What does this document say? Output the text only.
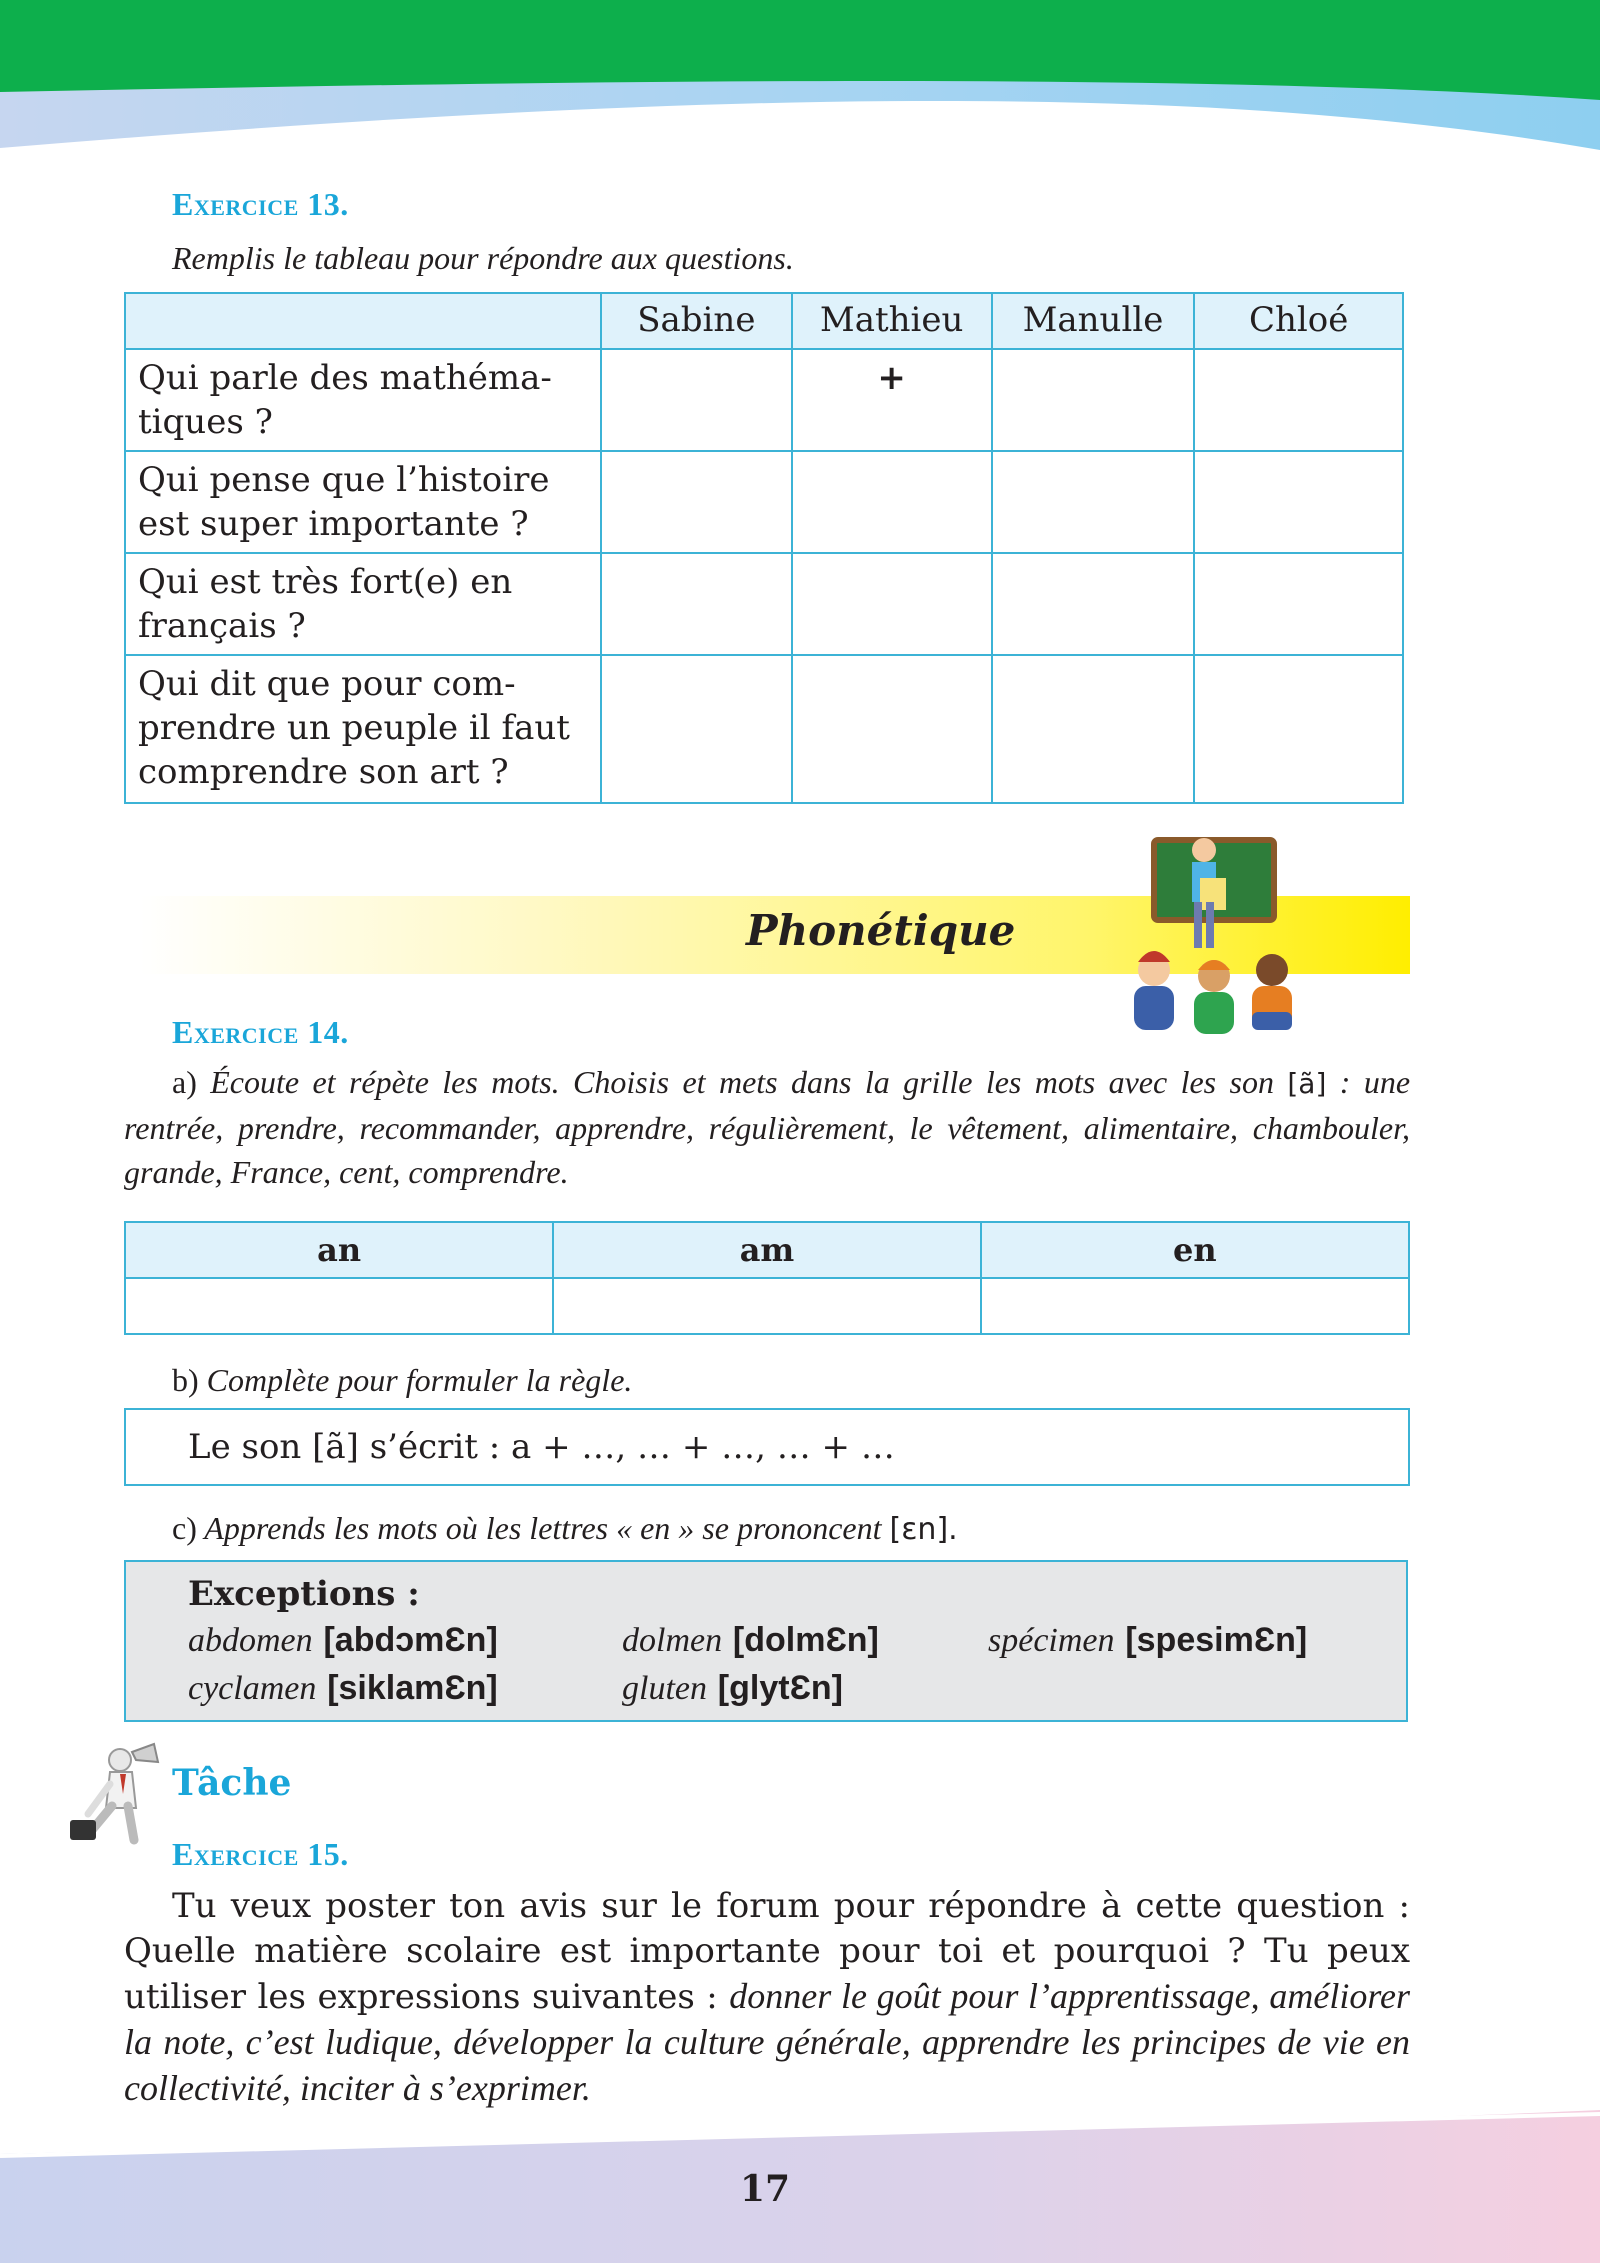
Exercice 13.
Remplis le tableau pour répondre aux questions.
	Sabine	Mathieu	Manulle	Chloé
Qui parle des mathéma-tiques ?		+		
Qui pense que l’histoire est super importante ?				
Qui est très fort(e) en français ?				
Qui dit que pour com-prendre un peuple il faut comprendre son art ?				
Phonétique
Exercice 14.
a) Écoute et répète les mots. Choisis et mets dans la grille les mots avec les son [ã] : une rentrée, prendre, recommander, apprendre, régulièrement, le vêtement, alimentaire, chambouler, grande, France, cent, comprendre.
an	am	en

b) Complète pour formuler la règle.
Le son [ã] s’écrit : a + …, … + …, … + …
c) Apprends les mots où les lettres « en » se prononcent [ɛn].
Exceptions :
abdomen [abdɔmƐn]	dolmen [dolmƐn]	spécimen [spesimƐn]
cyclamen [siklamƐn]	gluten [glytƐn]
Tâche
Exercice 15.
Tu veux poster ton avis sur le forum pour répondre à cette question : Quelle matière scolaire est importante pour toi et pourquoi ? Tu peux utiliser les expressions suivantes : donner le goût pour l’apprentissage, améliorer la note, c’est ludique, développer la culture générale, apprendre les principes de vie en collectivité, inciter à s’exprimer.
17
